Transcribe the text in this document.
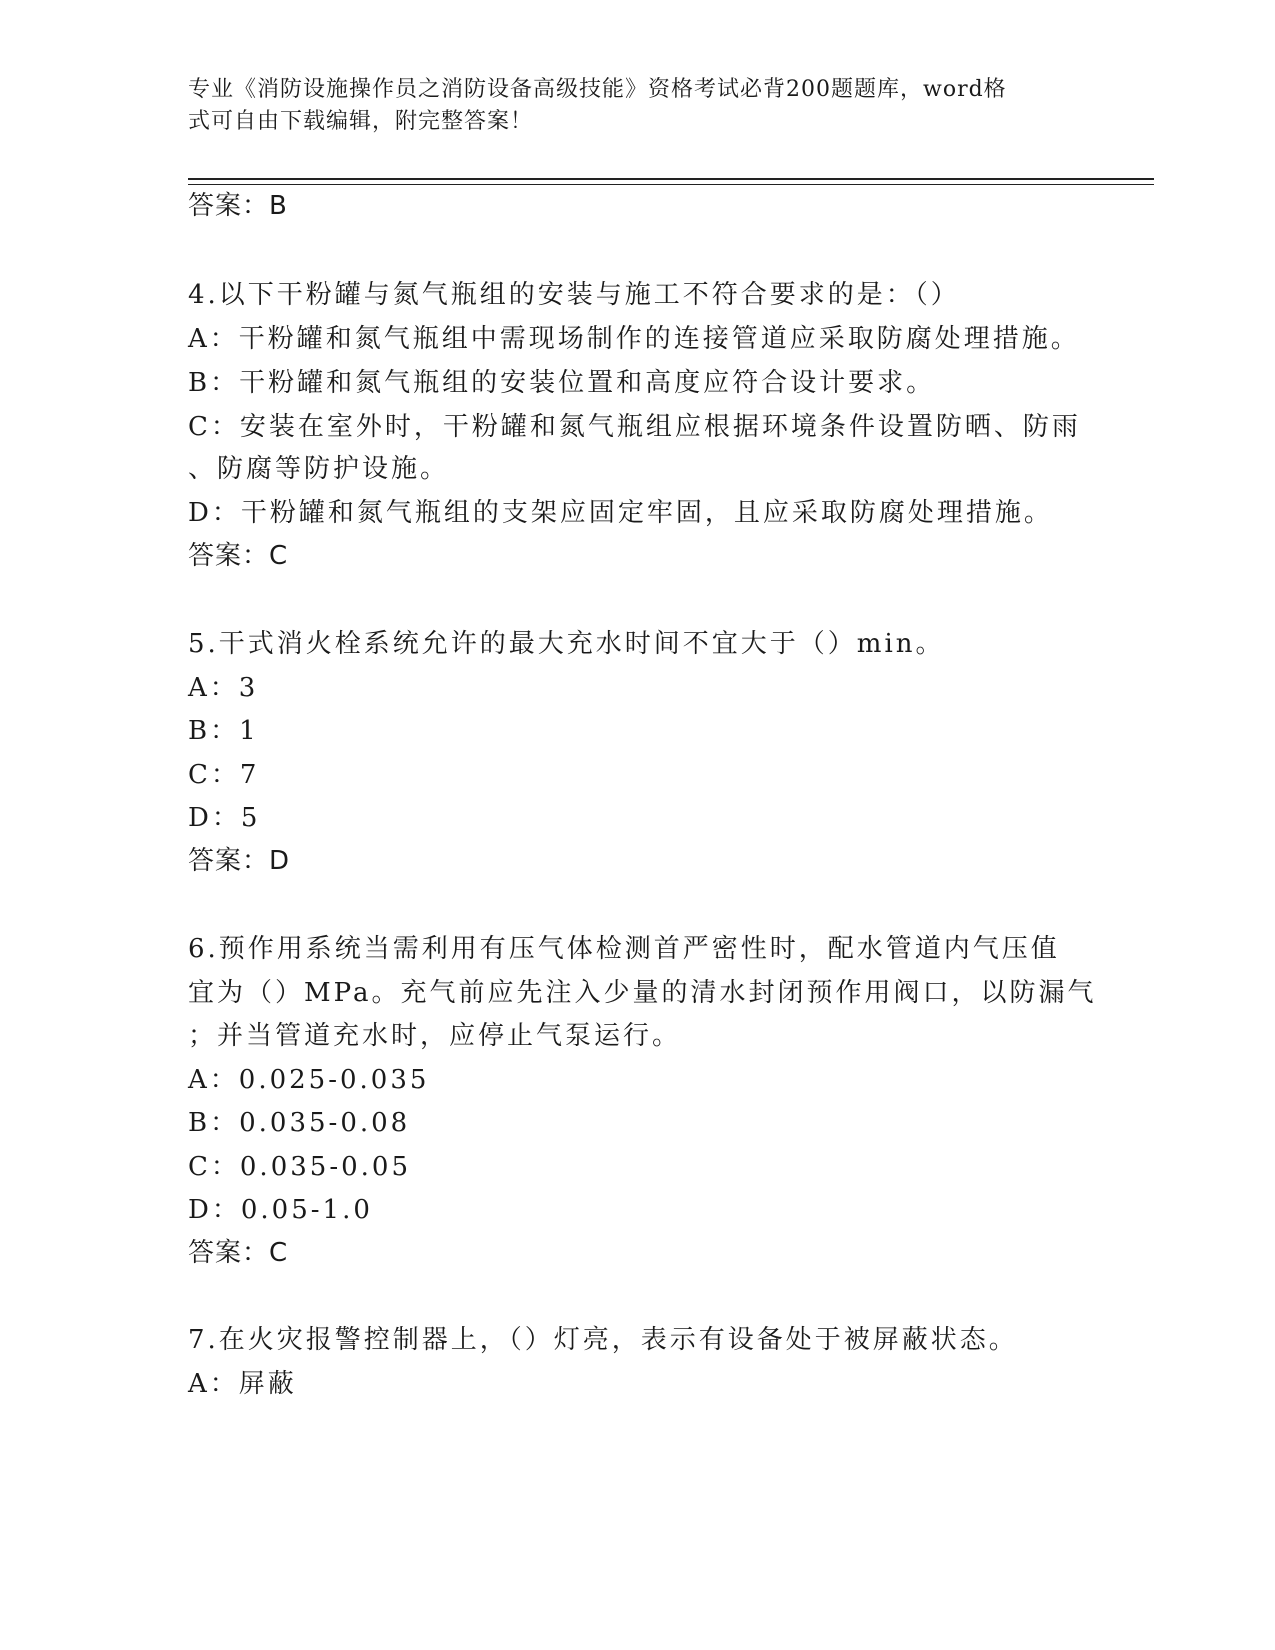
专业《消防设施操作员之消防设备高级技能》资格考试必背200题题库，word格
式可自由下载编辑，附完整答案！
答案：B
4.以下干粉罐与氮气瓶组的安装与施工不符合要求的是：（）
A：干粉罐和氮气瓶组中需现场制作的连接管道应采取防腐处理措施。
B：干粉罐和氮气瓶组的安装位置和高度应符合设计要求。
C：安装在室外时，干粉罐和氮气瓶组应根据环境条件设置防晒、防雨
、防腐等防护设施。
D：干粉罐和氮气瓶组的支架应固定牢固，且应采取防腐处理措施。
答案：C
5.干式消火栓系统允许的最大充水时间不宜大于（）min。
A：3
B：1
C：7
D：5
答案：D
6.预作用系统当需利用有压气体检测首严密性时，配水管道内气压值
宜为（）MPa。充气前应先注入少量的清水封闭预作用阀口，以防漏气
；并当管道充水时，应停止气泵运行。
A：0.025-0.035
B：0.035-0.08
C：0.035-0.05
D：0.05-1.0
答案：C
7.在火灾报警控制器上，（）灯亮，表示有设备处于被屏蔽状态。
A：屏蔽
